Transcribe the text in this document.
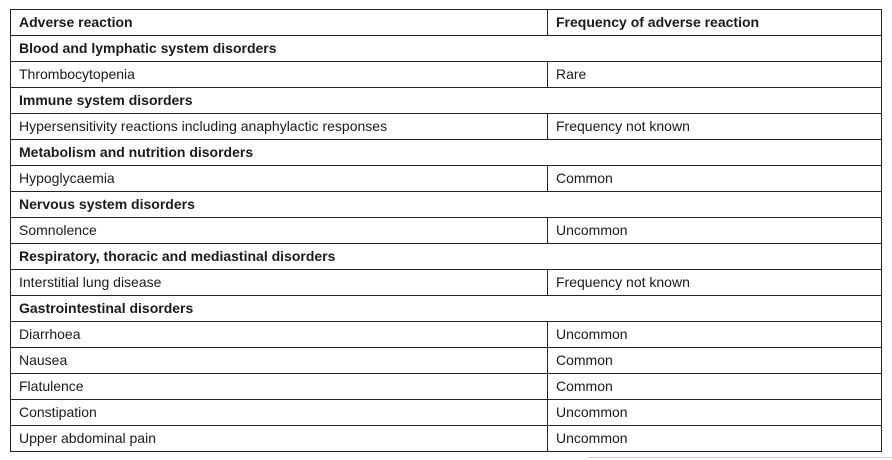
Adverse reaction	Frequency of adverse reaction
Blood and lymphatic system disorders	
Thrombocytopenia	Rare
Immune system disorders	
Hypersensitivity reactions including anaphylactic responses	Frequency not known
Metabolism and nutrition disorders	
Hypoglycaemia	Common
Nervous system disorders	
Somnolence	Uncommon
Respiratory, thoracic and mediastinal disorders	
Interstitial lung disease	Frequency not known
Gastrointestinal disorders	
Diarrhoea	Uncommon
Nausea	Common
Flatulence	Common
Constipation	Uncommon
Upper abdominal pain	Uncommon
